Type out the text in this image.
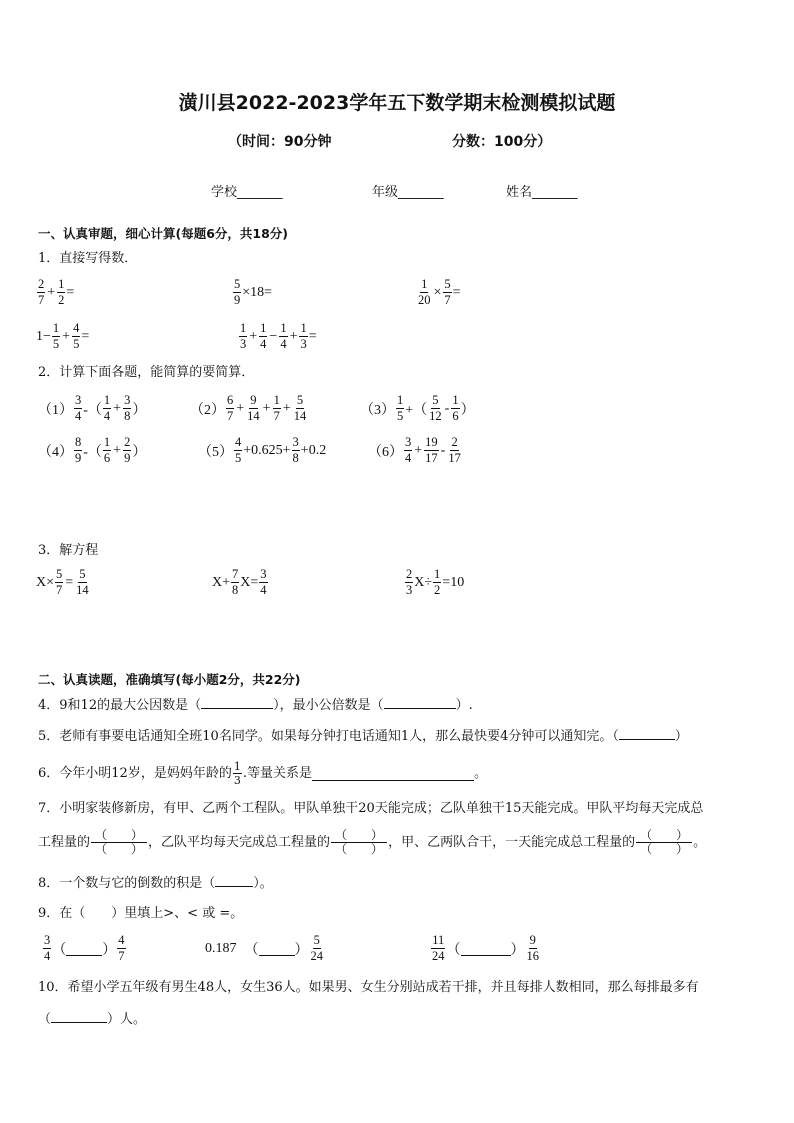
潢川县2022-2023学年五下数学期末检测模拟试题
（时间：90分钟	分数：100分）
学校_______	年级_______	姓名_______
一、认真审题，细心计算(每题6分，共18分)
1．直接写得数．
$\frac{2}{7} + \frac{1}{2}$ =	$\frac{5}{9} \times 18=$	$\frac{1}{20} \times \frac{5}{7}$ =
$1- \frac{1}{5} + \frac{4}{5}$ =	$\frac{1}{3} + \frac{1}{4} - \frac{1}{4} + \frac{1}{3}$ =
2．计算下面各题，能简算的要简算．
$(1) \frac{3}{4}$ -（ $\frac{1}{4} + \frac{3}{8}$ ）	$(2) \frac{6}{7} + \frac{9}{14} + \frac{1}{7} + \frac{5}{14}$	$(3) \frac{1}{5}$ +（ $\frac{5}{12} - \frac{1}{6}$ ）
$(4) \frac{8}{9}$ -（ $\frac{1}{6} + \frac{2}{9}$ ）	$(5) \frac{4}{5} +0.625+ \frac{3}{8} +0.2$	$(6) \frac{3}{4} + \frac{19}{17} - \frac{2}{17}$
3．解方程
$X\times \frac{5}{7} = \frac{5}{14}$	$X+ \frac{7}{8} X= \frac{3}{4}$	$\frac{2}{3} X\div \frac{1}{2} =10$
二、认真读题，准确填写(每小题2分，共22分)
4．9和12的最大公因数是（	），最小公倍数是（	）.
5．老师有事要电话通知全班10名同学。如果每分钟打电话通知1人，那么最快要4分钟可以通知完。（	）
6．今年小明12岁，是妈妈年龄的 $\frac{1}{3}$ .等量关系是	。
7．小明家装修新房，有甲、乙两个工程队。甲队单独干20天能完成；乙队单独干15天能完成。甲队平均每天完成总
工程量的 $\frac{( )}{( )}$ ，乙队平均每天完成总工程量的 $\frac{( )}{( )}$ ，甲、乙两队合干，一天能完成总工程量的 $\frac{( )}{( )}$ 。
8．一个数与它的倒数的积是（	）。
9．在（　　）里填上>、< 或 =。
$\frac{3}{4}$ （	） $\frac{4}{7}$	0.187 （	） $\frac{5}{24}$	$\frac{11}{24}$ （	） $\frac{9}{16}$
10．希望小学五年级有男生48人，女生36人。如果男、女生分别站成若干排，并且每排人数相同，那么每排最多有
（	）人。
